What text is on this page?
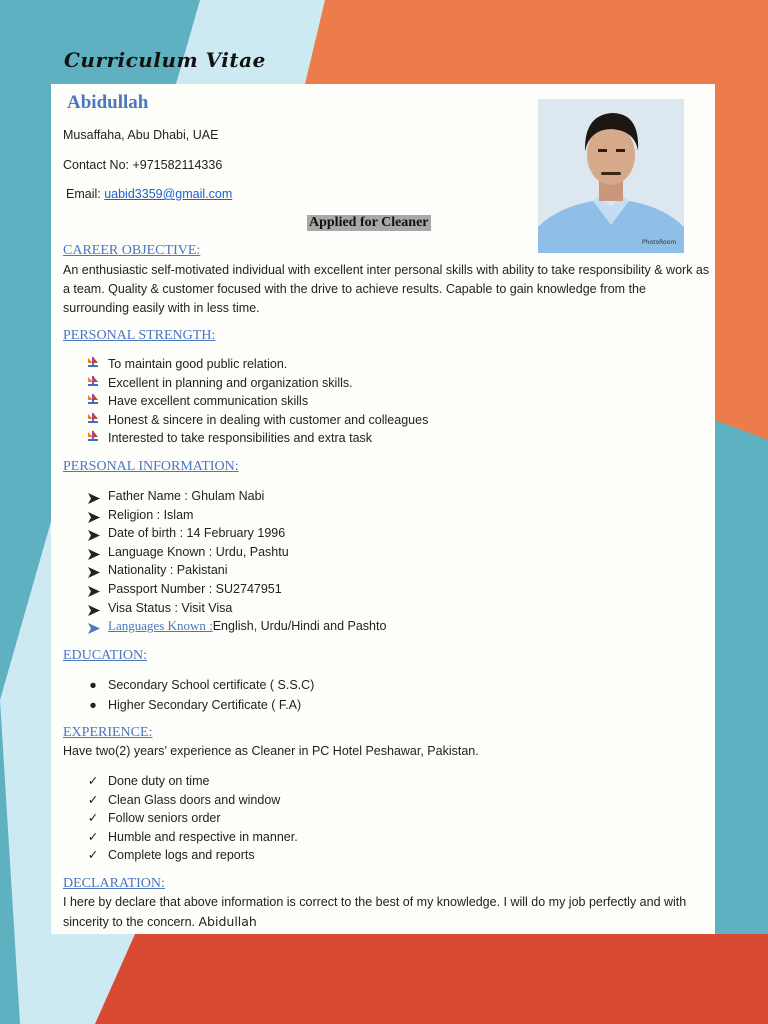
Curriculum Vitae
Abidullah
Musaffaha, Abu Dhabi, UAE
Contact No: +971582114336
Email: uabid3359@gmail.com
Applied for Cleaner
PhotoRoom
CAREER OBJECTIVE:

An enthusiastic self-motivated individual with excellent inter personal skills with ability to take responsibility & work as a team. Quality & customer focused with the drive to achieve results. Capable to gain knowledge from the surrounding easily with in less time.

PERSONAL STRENGTH:
To maintain good public relation.
Excellent in planning and organization skills.
Have excellent communication skills
Honest & sincere in dealing with customer and colleagues
Interested to take responsibilities and extra task
PERSONAL INFORMATION:
Father Name : Ghulam Nabi
Religion : Islam
Date of birth : 14 February 1996
Language Known : Urdu, Pashtu
Nationality : Pakistani
Passport Number : SU2747951
Visa Status : Visit Visa
Languages Known :English, Urdu/Hindi and Pashto
EDUCATION:
● Secondary School certificate ( S.S.C)
● Higher Secondary Certificate ( F.A)
EXPERIENCE:

Have two(2) years’ experience as Cleaner in PC Hotel Peshawar, Pakistan.

✓ Done duty on time
✓ Clean Glass doors and window
✓ Follow seniors order
✓ Humble and respective in manner.
✓ Complete logs and reports
DECLARATION:

I here by declare that above information is correct to the best of my knowledge. I will do my job perfectly and with sincerity to the concern. Abidullah
